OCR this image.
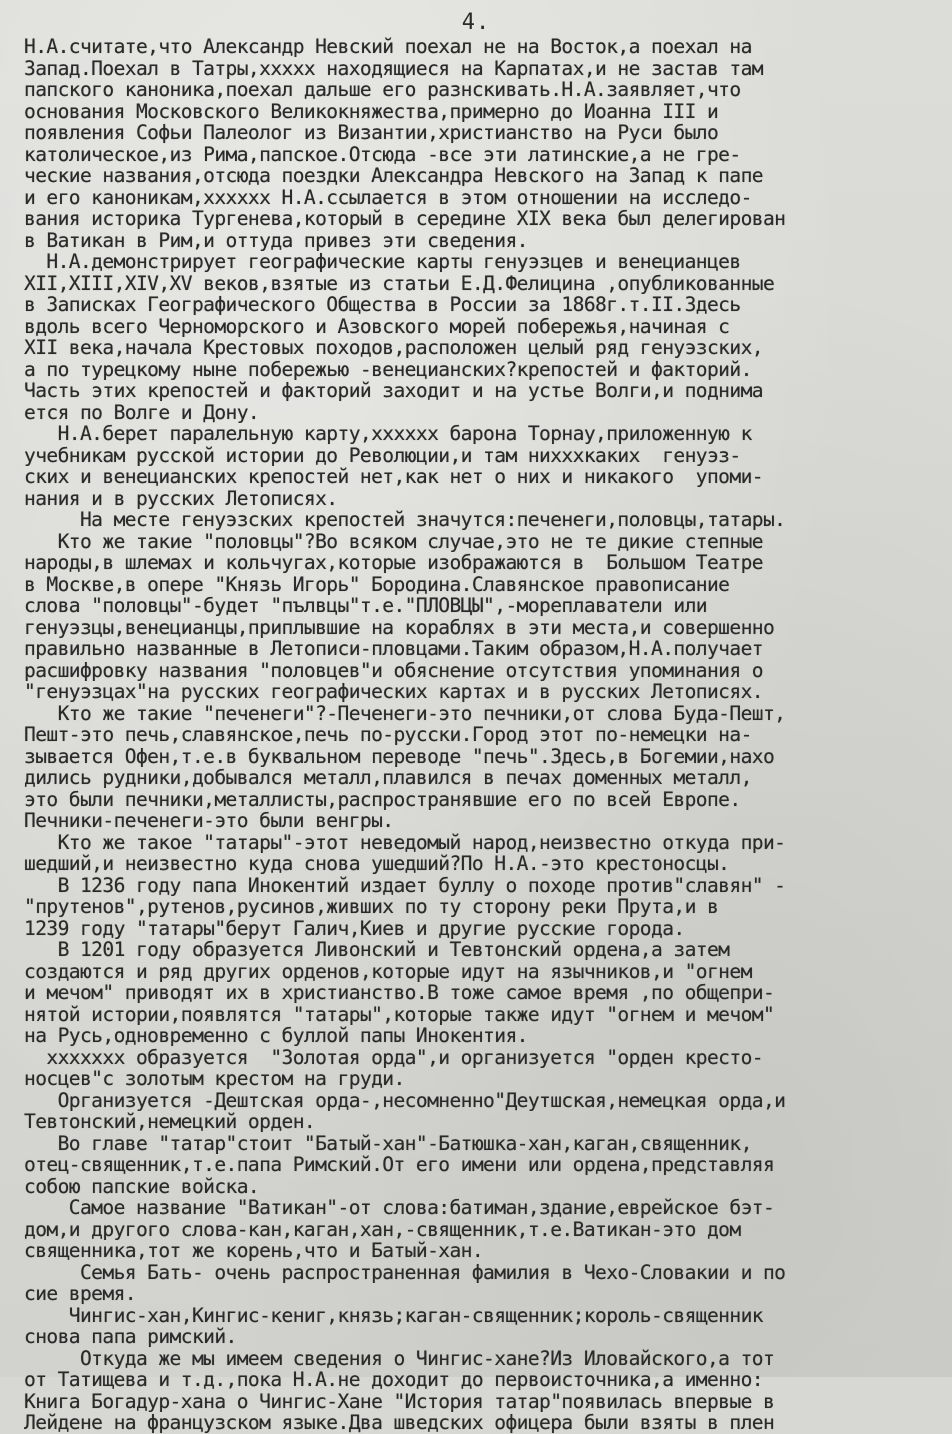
4.
Н.А.считате,что Александр Невский поехал не на Восток,а поехал на
Запад.Поехал в Татры,xxxxx находящиеся на Карпатах,и не застав там
папского каноника,поехал дальше его разнскивать.Н.А.заявляет,что
основания Московского Великокняжества,примерно до Иоанна III и
появления Софьи Палеолог из Византии,христианство на Руси было
католическое,из Рима,папское.Отсюда -все эти латинские,а не гре-
ческие названия,отсюда поездки Александра Невского на Запад к папе
и его каноникам,xxxxxx Н.А.ссылается в этом отношении на исследо-
вания историка Тургенева,который в середине XIX века был делегирован
в Ватикан в Рим,и оттуда привез эти сведения.
Н.А.демонстрирует географические карты генуэзцев и венецианцев
XII,XIII,XIV,XV веков,взятые из статьи Е.Д.Фелицина ,опубликованные
в Записках Географического Общества в России за 1868г.т.II.Здесь
вдоль всего Черноморского и Азовского морей побережья,начиная с
XII века,начала Крестовых походов,расположен целый ряд генуэзских,
а по турецкому ныне побережью -венецианских?крепостей и факторий.
Часть этих крепостей и факторий заходит и на устье Волги,и поднима
ется по Волге и Дону.
Н.А.берет паралельную карту,xxxxxx барона Торнау,приложенную к
учебникам русской истории до Революции,и там нихххкаких  генуэз-
ских и венецианских крепостей нет,как нет о них и никакого  упоми-
нания и в русских Летописях.
На месте генуэзских крепостей значутся:печенеги,половцы,татары.
Кто же такие "половцы"?Во всяком случае,это не те дикие степные
народы,в шлемах и кольчугах,которые изображаются в  Большом Театре
в Москве,в опере "Князь Игорь" Бородина.Славянское правописание
слова "половцы"-будет "пълвцы"т.е."ПЛОВЦЫ",-мореплаватели или
генуэзцы,венецианцы,приплывшие на кораблях в эти места,и совершенно
правильно названные в Летописи-пловцами.Таким образом,Н.А.получает
расшифровку названия "половцев"и обяснение отсутствия упоминания о
"генуэзцах"на русских географических картах и в русских Летописях.
Кто же такие "печенеги"?-Печенеги-это печники,от слова Буда-Пешт,
Пешт-это печь,славянское,печь по-русски.Город этот по-немецки на-
зывается Офен,т.е.в буквальном переводе "печь".Здесь,в Богемии,нахо
дились рудники,добывался металл,плавился в печах доменных металл,
это были печники,металлисты,распространявшие его по всей Европе.
Печники-печенеги-это были венгры.
Кто же такое "татары"-этот неведомый народ,неизвестно откуда при-
шедший,и неизвестно куда снова ушедший?По Н.А.-это крестоносцы.
В 1236 году папа Инокентий издает буллу о походе против"славян" -
"прутенов",рутенов,русинов,живших по ту сторону реки Прута,и в
1239 году "татары"берут Галич,Киев и другие русские города.
В 1201 году образуется Ливонский и Тевтонский ордена,а затем
создаются и ряд других орденов,которые идут на язычников,и "огнем
и мечом" приводят их в христианство.В тоже самое время ,по общепри-
нятой истории,появлятся "татары",которые также идут "огнем и мечом"
на Русь,одновременно с буллой папы Инокентия.
xxxxxxx образуется  "Золотая орда",и организуется "орден кресто-
носцев"с золотым крестом на груди.
Организуется -Дештская орда-,несомненно"Деутшская,немецкая орда,и
Тевтонский,немецкий орден.
Во главе "татар"стоит "Батый-хан"-Батюшка-хан,каган,священник,
отец-священник,т.е.папа Римский.От его имени или ордена,представляя
собою папские войска.
Самое название "Ватикан"-от слова:батиман,здание,еврейское бэт-
дом,и другого слова-кан,каган,хан,-священник,т.е.Ватикан-это дом
священника,тот же корень,что и Батый-хан.
Семья Бать- очень распространенная фамилия в Чехо-Словакии и по
сие время.
Чингис-хан,Кингис-кениг,князь;каган-священник;король-священник
снова папа римский.
Откуда же мы имеем сведения о Чингис-хане?Из Иловайского,а тот
от Татищева и т.д.,пока Н.А.не доходит до первоисточника,а именно:
Книга Богадур-хана о Чингис-Хане "История татар"появилась впервые в
Лейдене на французском языке.Два шведских офицера были взяты в плен
